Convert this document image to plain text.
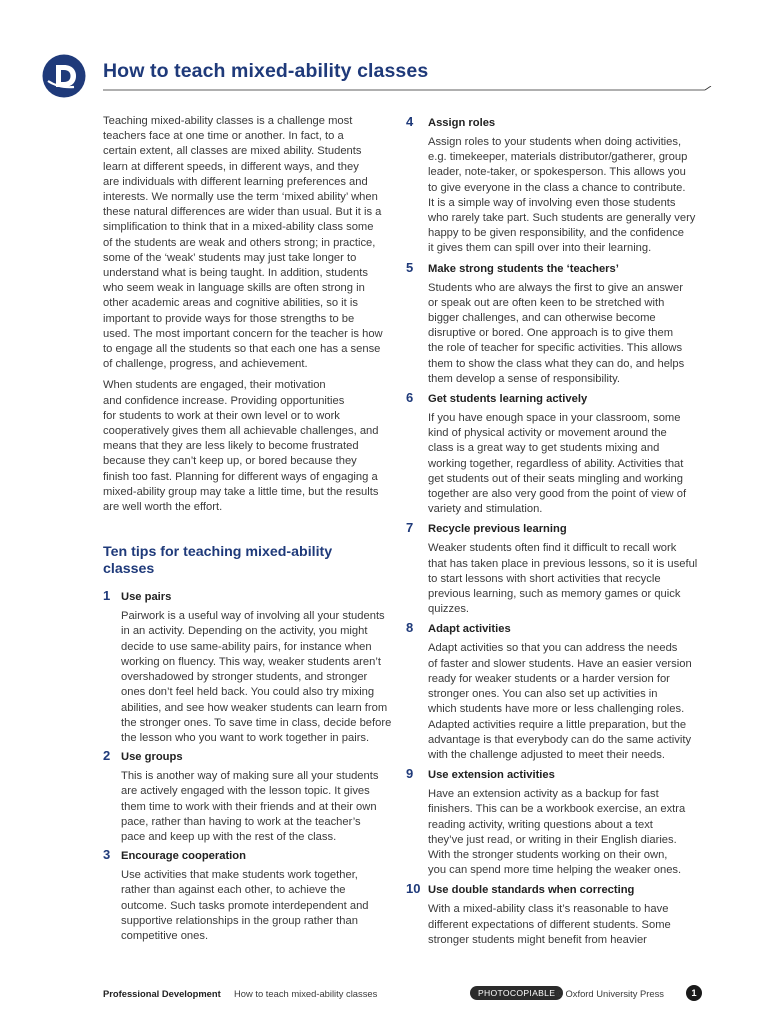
How to teach mixed-ability classes

Teaching mixed-ability classes is a challenge most
teachers face at one time or another. In fact, to a
certain extent, all classes are mixed ability. Students
learn at different speeds, in different ways, and they
are individuals with different learning preferences and
interests. We normally use the term ‘mixed ability’ when
these natural differences are wider than usual. But it is a
simplification to think that in a mixed-ability class some
of the students are weak and others strong; in practice,
some of the ‘weak’ students may just take longer to
understand what is being taught. In addition, students
who seem weak in language skills are often strong in
other academic areas and cognitive abilities, so it is
important to provide ways for those strengths to be
used. The most important concern for the teacher is how
to engage all the students so that each one has a sense
of challenge, progress, and achievement.

When students are engaged, their motivation
and confidence increase. Providing opportunities
for students to work at their own level or to work
cooperatively gives them all achievable challenges, and
means that they are less likely to become frustrated
because they can’t keep up, or bored because they
finish too fast. Planning for different ways of engaging a
mixed-ability group may take a little time, but the results
are well worth the effort.

Ten tips for teaching mixed-ability
classes
1 Use pairs
Pairwork is a useful way of involving all your students
in an activity. Depending on the activity, you might
decide to use same-ability pairs, for instance when
working on fluency. This way, weaker students aren’t
overshadowed by stronger students, and stronger
ones don’t feel held back. You could also try mixing
abilities, and see how weaker students can learn from
the stronger ones. To save time in class, decide before
the lesson who you want to work together in pairs.
2 Use groups
This is another way of making sure all your students
are actively engaged with the lesson topic. It gives
them time to work with their friends and at their own
pace, rather than having to work at the teacher’s
pace and keep up with the rest of the class.
3 Encourage cooperation
Use activities that make students work together,
rather than against each other, to achieve the
outcome. Such tasks promote interdependent and
supportive relationships in the group rather than
competitive ones.
4	Assign roles
Assign roles to your students when doing activities,
e.g. timekeeper, materials distributor/gatherer, group
leader, note-taker, or spokesperson. This allows you
to give everyone in the class a chance to contribute.
It is a simple way of involving even those students
who rarely take part. Such students are generally very
happy to be given responsibility, and the confidence
it gives them can spill over into their learning.
5	Make strong students the ‘teachers’
Students who are always the first to give an answer
or speak out are often keen to be stretched with
bigger challenges, and can otherwise become
disruptive or bored. One approach is to give them
the role of teacher for specific activities. This allows
them to show the class what they can do, and helps
them develop a sense of responsibility.
6	Get students learning actively
If you have enough space in your classroom, some
kind of physical activity or movement around the
class is a great way to get students mixing and
working together, regardless of ability. Activities that
get students out of their seats mingling and working
together are also very good from the point of view of
variety and stimulation.
7	Recycle previous learning
Weaker students often find it difficult to recall work
that has taken place in previous lessons, so it is useful
to start lessons with short activities that recycle
previous learning, such as memory games or quick
quizzes.
8	Adapt activities
Adapt activities so that you can address the needs
of faster and slower students. Have an easier version
ready for weaker students or a harder version for
stronger ones. You can also set up activities in
which students have more or less challenging roles.
Adapted activities require a little preparation, but the
advantage is that everybody can do the same activity
with the challenge adjusted to meet their needs.
9	Use extension activities
Have an extension activity as a backup for fast
finishers. This can be a workbook exercise, an extra
reading activity, writing questions about a text
they’ve just read, or writing in their English diaries.
With the stronger students working on their own,
you can spend more time helping the weaker ones.
10 Use double standards when correcting
With a mixed-ability class it’s reasonable to have
different expectations of different students. Some
stronger students might benefit from heavier
Professional Development How to teach mixed-ability classes	PHOTOCOPIABLE © Oxford University Press	1
